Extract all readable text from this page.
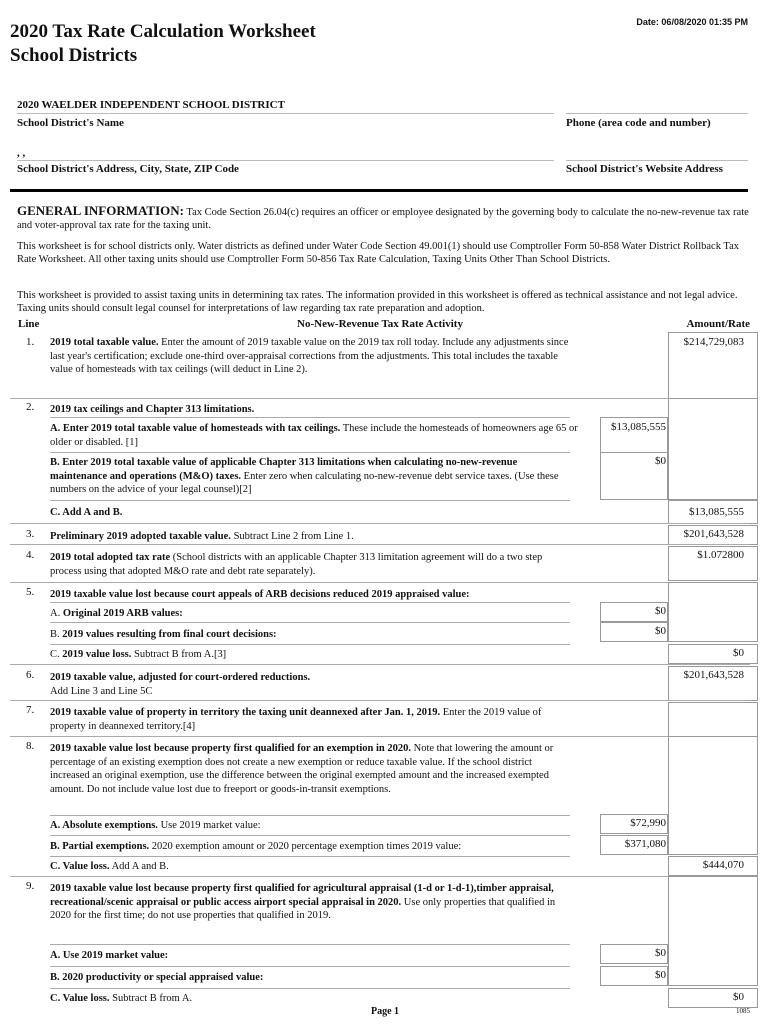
2020 Tax Rate Calculation Worksheet
School Districts
Date: 06/08/2020 01:35 PM
2020 WAELDER INDEPENDENT SCHOOL DISTRICT
School District's Name	Phone (area code and number)
, ,
School District's Address, City, State, ZIP Code	School District's Website Address

GENERAL INFORMATION: Tax Code Section 26.04(c) requires an officer or employee designated by the governing body to calculate the no-new-revenue tax rate and voter-approval tax rate for the taxing unit.

This worksheet is for school districts only. Water districts as defined under Water Code Section 49.001(1) should use Comptroller Form 50-858 Water District Rollback Tax Rate Worksheet. All other taxing units should use Comptroller Form 50-856 Tax Rate Calculation, Taxing Units Other Than School Districts.

This worksheet is provided to assist taxing units in determining tax rates. The information provided in this worksheet is offered as technical assistance and not legal advice. Taxing units should consult legal counsel for interpretations of law regarding tax rate preparation and adoption.

No-New-Revenue Tax Rate Activity
Line	Amount/Rate
1. 2019 total taxable value. Enter the amount of 2019 taxable value on the 2019 tax roll today. Include any adjustments since last year's certification; exclude one-third over-appraisal corrections from the adjustments. This total includes the taxable value of homesteads with tax ceilings (will deduct in Line 2).
$214,729,083
2. 2019 tax ceilings and Chapter 313 limitations.
A. Enter 2019 total taxable value of homesteads with tax ceilings. These include the homesteads of homeowners age 65 or older or disabled. [1]
$13,085,555
B. Enter 2019 total taxable value of applicable Chapter 313 limitations when calculating no-new-revenue maintenance and operations (M&O) taxes. Enter zero when calculating no-new-revenue debt service taxes. (Use these numbers on the advice of your legal counsel)[2]
$0
C. Add A and B.	$13,085,555
3. Preliminary 2019 adopted taxable value. Subtract Line 2 from Line 1.	$201,643,528
4. 2019 total adopted tax rate (School districts with an applicable Chapter 313 limitation agreement will do a two step process using that adopted M&O rate and debt rate separately).
$1.072800
5. 2019 taxable value lost because court appeals of ARB decisions reduced 2019 appraised value:
A. Original 2019 ARB values:	$0
B. 2019 values resulting from final court decisions:	$0
C. 2019 value loss. Subtract B from A.[3]	$0
6. 2019 taxable value, adjusted for court-ordered reductions.
Add Line 3 and Line 5C
$201,643,528
7. 2019 taxable value of property in territory the taxing unit deannexed after Jan. 1, 2019. Enter the 2019 value of property in deannexed territory.[4]
8. 2019 taxable value lost because property first qualified for an exemption in 2020. Note that lowering the amount or percentage of an existing exemption does not create a new exemption or reduce taxable value. If the school district increased an original exemption, use the difference between the original exempted amount and the increased exempted amount. Do not include value lost due to freeport or goods-in-transit exemptions.
A. Absolute exemptions. Use 2019 market value:	$72,990
B. Partial exemptions. 2020 exemption amount or 2020 percentage exemption times 2019 value:	$371,080
C. Value loss. Add A and B.	$444,070
9. 2019 taxable value lost because property first qualified for agricultural appraisal (1-d or 1-d-1),timber appraisal, recreational/scenic appraisal or public access airport special appraisal in 2020. Use only properties that qualified in 2020 for the first time; do not use properties that qualified in 2019.
A. Use 2019 market value:	$0
B. 2020 productivity or special appraised value:	$0
C. Value loss. Subtract B from A.	$0
Page 1	1085
